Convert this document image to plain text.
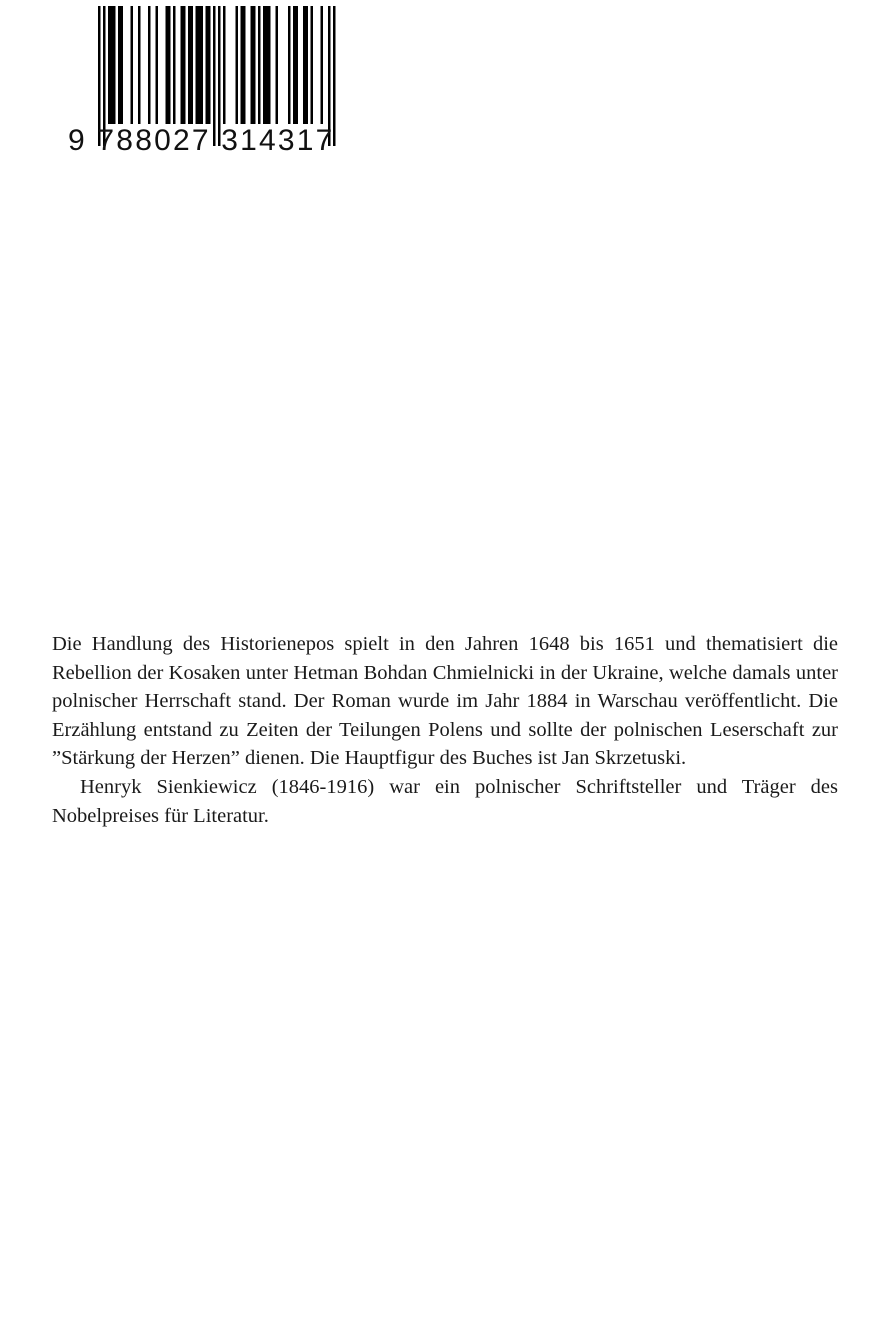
9 788027 314317

Die Handlung des Historienepos spielt in den Jahren 1648 bis 1651 und thematisiert die Rebellion der Kosaken unter Hetman Bohdan Chmielnicki in der Ukraine, welche damals unter polnischer Herrschaft stand. Der Roman wurde im Jahr 1884 in Warschau veröffentlicht. Die Erzählung entstand zu Zeiten der Teilungen Polens und sollte der polnischen Leserschaft zur ”Stärkung der Herzen” dienen. Die Hauptfigur des Buches ist Jan Skrzetuski.

Henryk Sienkiewicz (1846-1916) war ein polnischer Schriftsteller und Träger des Nobelpreises für Literatur.
